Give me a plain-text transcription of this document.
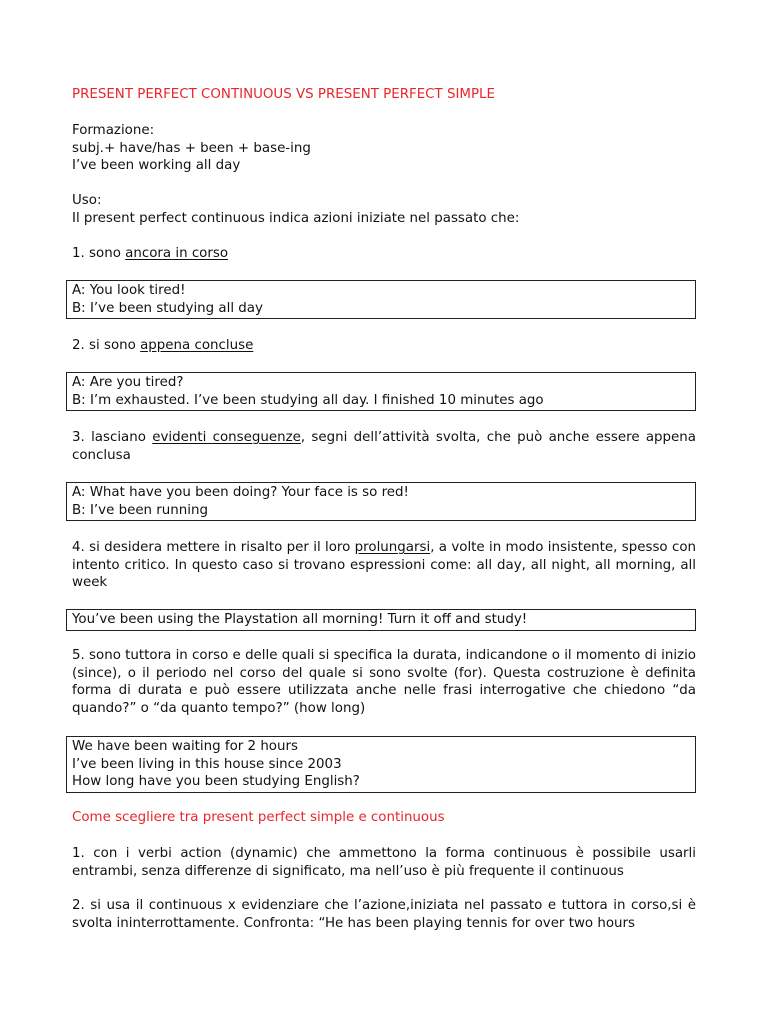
PRESENT PERFECT CONTINUOUS VS PRESENT PERFECT SIMPLE
Formazione:
subj.+ have/has + been + base-ing
I’ve been working all day
Uso:
Il present perfect continuous indica azioni iniziate nel passato che:
1. sono ancora in corso
A: You look tired!
B: I’ve been studying all day
2. si sono appena concluse
A: Are you tired?
B: I’m exhausted. I’ve been studying all day. I finished 10 minutes ago
3. lasciano evidenti conseguenze, segni dell’attività svolta, che può anche essere appena conclusa
A: What have you been doing? Your face is so red!
B: I’ve been running
4. si desidera mettere in risalto per il loro prolungarsi, a volte in modo insistente, spesso con intento critico. In questo caso si trovano espressioni come: all day, all night, all morning, all week
You’ve been using the Playstation all morning! Turn it off and study!
5. sono tuttora in corso e delle quali si specifica la durata, indicandone o il momento di inizio (since), o il periodo nel corso del quale si sono svolte (for). Questa costruzione è definita forma di durata e può essere utilizzata anche nelle frasi interrogative che chiedono “da quando?” o “da quanto tempo?” (how long)
We have been waiting for 2 hours
I’ve been living in this house since 2003
How long have you been studying English?
Come scegliere tra present perfect simple e continuous
1. con i verbi action (dynamic) che ammettono la forma continuous è possibile usarli entrambi, senza differenze di significato, ma nell’uso è più frequente il continuous
2. si usa il continuous x evidenziare che l’azione,iniziata nel passato e tuttora in corso,si è svolta ininterrottamente. Confronta: “He has been playing tennis for over two hours
